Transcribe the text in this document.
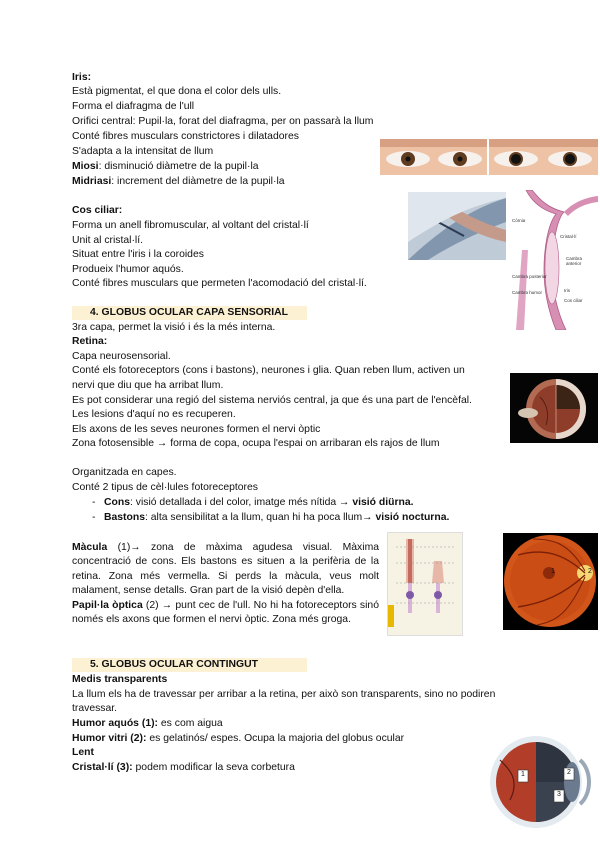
Iris:
Està pigmentat, el que dona el color dels ulls.
Forma el diafragma de l'ull
Orifici central: Pupil·la, forat del diafragma, per on passarà la llum
Conté fibres musculars constrictores i dilatadores
S'adapta a la intensitat de llum
Miosi: disminució diàmetre de la pupil·la
Midriasi: increment del diàmetre de la pupil·la
Cos ciliar:
Forma un anell fibromuscular, al voltant del cristal·lí
Unit al cristal·lí.
Situat entre l'iris i la coroides
Produeix l'humor aquós.
Conté fibres musculars que permeten l'acomodació del cristal·lí.
Còrnia
Cristal·lí
Cambra anterior
Cambra posterior
Iris
Cos ciliar
Cambra humor
4. GLOBUS OCULAR CAPA SENSORIAL
3ra capa, permet la visió i és la més interna.
Retina:
Capa neurosensorial.
Conté els fotoreceptors (cons i bastons), neurones i glia. Quan reben llum, activen un
nervi que diu que ha arribat llum.
Es pot considerar una regió del sistema nerviós central, ja que és una part de l'encèfal.
Les lesions d'aquí no es recuperen.
Els axons de les seves neurones formen el nervi òptic
Zona fotosensible → forma de copa, ocupa l'espai on arribaran els rajos de llum
Organitzada en capes.
Conté 2 tipus de cèl·lules fotoreceptores
- Cons: visió detallada i del color, imatge més nítida → visió diürna.
- Bastons: alta sensibilitat a la llum, quan hi ha poca llum→ visió nocturna.
Màcula (1)→ zona de màxima agudesa visual. Màxima concentració de cons. Els bastons es situen a la perifèria de la retina. Zona més vermella. Si perds la màcula, veus molt malament, sense detalls. Gran part de la visió depèn d'ella.
Papil·la òptica (2) → punt cec de l'ull. No hi ha fotoreceptors sinó només els axons que formen el nervi òptic. Zona més groga.
1	2
5. GLOBUS OCULAR CONTINGUT
Medis transparents
La llum els ha de travessar per arribar a la retina, per això son transparents, sino no podiren
travessar.
Humor aquós (1): es com aigua
Humor vitri (2): es gelatinós/ espes. Ocupa la majoria del globus ocular
Lent
Cristal·lí (3): podem modificar la seva corbetura
1	2
3
